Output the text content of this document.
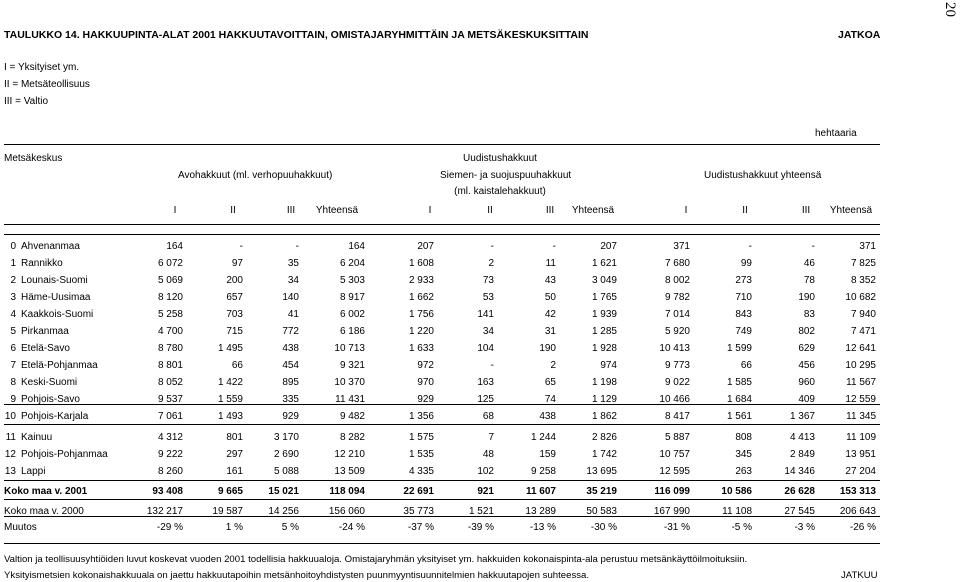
20
TAULUKKO 14. HAKKUUPINTA-ALAT 2001 HAKKUUTAVOITTAIN, OMISTAJARYHMITTÄIN JA METSÄKESKUKSITTAIN	JATKOA
I = Yksityiset ym.
II = Metsäteollisuus
III = Valtio
hehtaaria
Metsäkeskus	Uudistushakkuut
Avohakkuut (ml. verhopuuhakkuut)	Siemen- ja suojuspuuhakkuut	Uudistushakkuut yhteensä
(ml. kaistalehakkuut)
I	II	III	Yhteensä	I	II	III	Yhteensä	I	II	III	Yhteensä
0 Ahvenanmaa	164	-	-	164	207	-	-	207	371	-	-	371
1 Rannikko	6 072	97	35	6 204	1 608	2	11	1 621	7 680	99	46	7 825
2 Lounais-Suomi	5 069	200	34	5 303	2 933	73	43	3 049	8 002	273	78	8 352
3 Häme-Uusimaa	8 120	657	140	8 917	1 662	53	50	1 765	9 782	710	190	10 682
4 Kaakkois-Suomi	5 258	703	41	6 002	1 756	141	42	1 939	7 014	843	83	7 940
5 Pirkanmaa	4 700	715	772	6 186	1 220	34	31	1 285	5 920	749	802	7 471
6 Etelä-Savo	8 780	1 495	438	10 713	1 633	104	190	1 928	10 413	1 599	629	12 641
7 Etelä-Pohjanmaa	8 801	66	454	9 321	972	-	2	974	9 773	66	456	10 295
8 Keski-Suomi	8 052	1 422	895	10 370	970	163	65	1 198	9 022	1 585	960	11 567
9 Pohjois-Savo	9 537	1 559	335	11 431	929	125	74	1 129	10 466	1 684	409	12 559
10 Pohjois-Karjala	7 061	1 493	929	9 482	1 356	68	438	1 862	8 417	1 561	1 367	11 345
11 Kainuu	4 312	801	3 170	8 282	1 575	7	1 244	2 826	5 887	808	4 413	11 109
12 Pohjois-Pohjanmaa	9 222	297	2 690	12 210	1 535	48	159	1 742	10 757	345	2 849	13 951
13 Lappi	8 260	161	5 088	13 509	4 335	102	9 258	13 695	12 595	263	14 346	27 204
Koko maa v. 2001	93 408	9 665	15 021	118 094	22 691	921	11 607	35 219	116 099	10 586	26 628	153 313
Koko maa v. 2000	132 217	19 587	14 256	156 060	35 773	1 521	13 289	50 583	167 990	11 108	27 545	206 643
Muutos	-29 %	1 %	5 %	-24 %	-37 %	-39 %	-13 %	-30 %	-31 %	-5 %	-3 %	-26 %
Valtion ja teollisuusyhtiöiden luvut koskevat vuoden 2001 todellisia hakkuualoja. Omistajaryhmän yksityiset ym. hakkuiden kokonaispinta-ala perustuu metsänkäyttöilmoituksiin.
Yksityismetsien kokonaishakkuuala on jaettu hakkuutapoihin metsänhoitoyhdistysten puunmyyntisuunnitelmien hakkuutapojen suhteessa.	JATKUU
